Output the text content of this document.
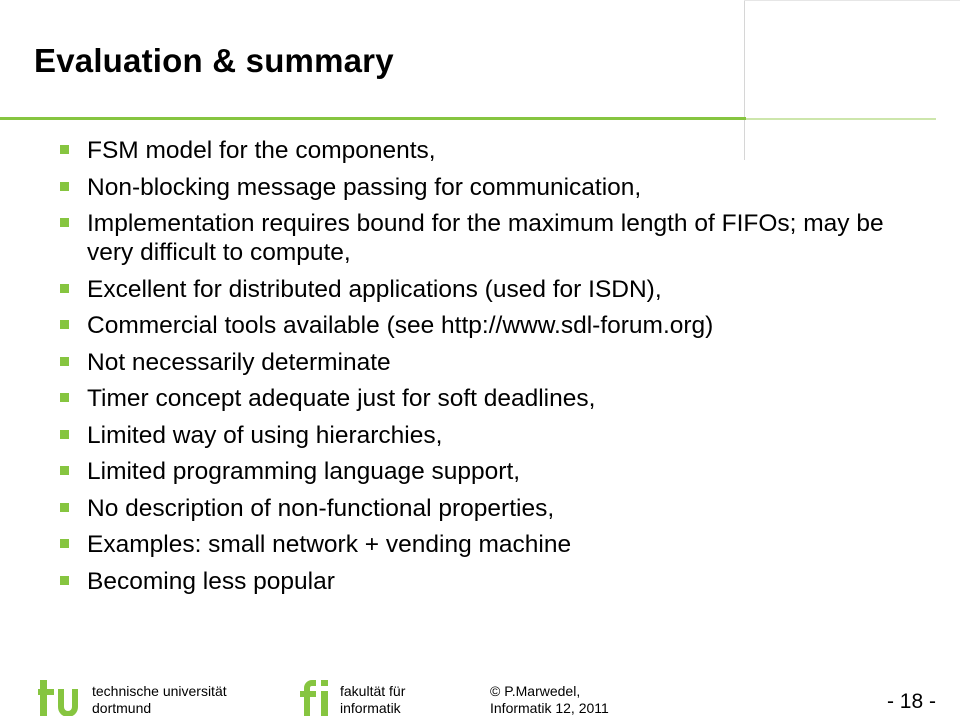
Evaluation & summary
FSM model for the components,
Non-blocking message passing for communication,
Implementation requires bound for the maximum length of FIFOs; may be very difficult to compute,
Excellent for distributed applications (used for ISDN),
Commercial tools available (see http://www.sdl-forum.org)
Not necessarily determinate
Timer concept adequate just for soft deadlines,
Limited way of using hierarchies,
Limited programming language support,
No description of non-functional properties,
Examples: small network + vending machine
Becoming less popular
technische universität
dortmund
fakultät für
informatik
© P.Marwedel,
Informatik 12, 2011	- 18 -
